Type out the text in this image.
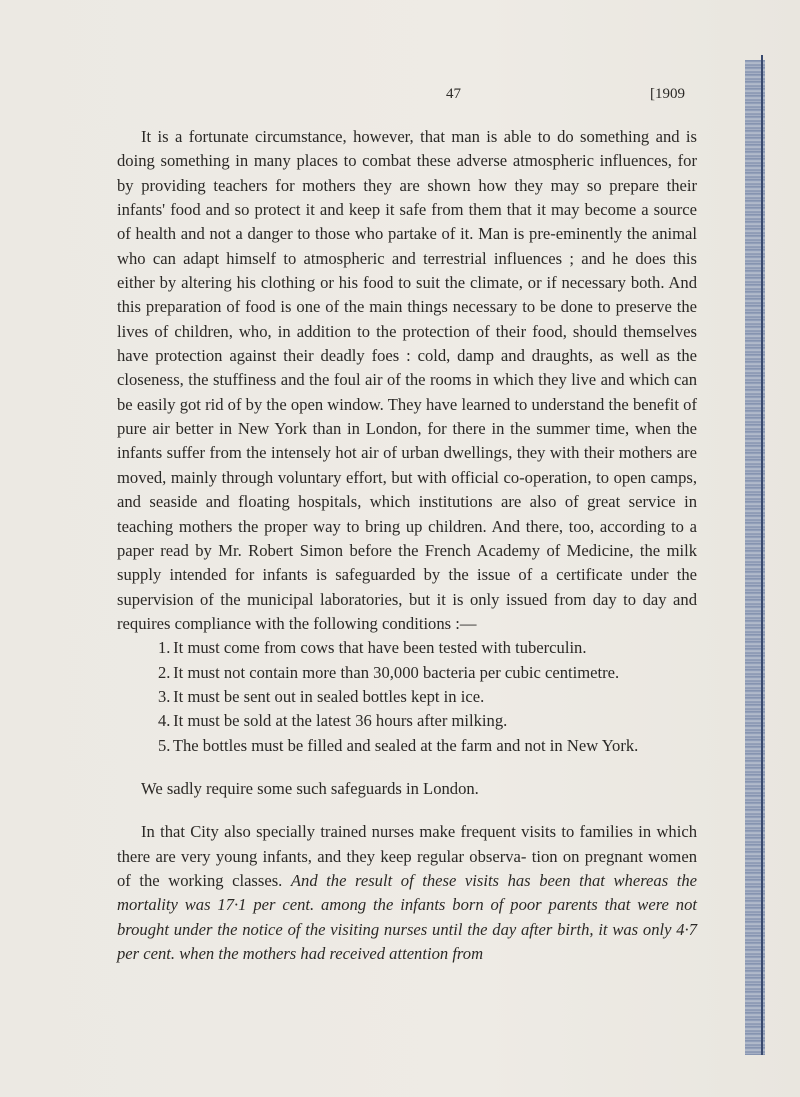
47	[1909

It is a fortunate circumstance, however, that man is able to do something and is doing something in many places to combat these adverse atmospheric influences, for by providing teachers for mothers they are shown how they may so prepare their infants' food and so protect it and keep it safe from them that it may become a source of health and not a danger to those who partake of it. Man is pre-eminently the animal who can adapt himself to atmospheric and terrestrial influences ; and he does this either by altering his clothing or his food to suit the climate, or if necessary both. And this preparation of food is one of the main things necessary to be done to preserve the lives of children, who, in addition to the protection of their food, should themselves have protection against their deadly foes : cold, damp and draughts, as well as the closeness, the stuffiness and the foul air of the rooms in which they live and which can be easily got rid of by the open window. They have learned to understand the benefit of pure air better in New York than in London, for there in the summer time, when the infants suffer from the intensely hot air of urban dwellings, they with their mothers are moved, mainly through voluntary effort, but with official co-operation, to open camps, and seaside and floating hospitals, which institutions are also of great service in teaching mothers the proper way to bring up children. And there, too, according to a paper read by Mr. Robert Simon before the French Academy of Medicine, the milk supply intended for infants is safeguarded by the issue of a certificate under the supervision of the municipal laboratories, but it is only issued from day to day and requires compliance with the following conditions :—

1. It must come from cows that have been tested with tuberculin.
2. It must not contain more than 30,000 bacteria per cubic centimetre.
3. It must be sent out in sealed bottles kept in ice.
4. It must be sold at the latest 36 hours after milking.
5. The bottles must be filled and sealed at the farm and not in New York.

We sadly require some such safeguards in London.

In that City also specially trained nurses make frequent visits to families in which there are very young infants, and they keep regular observa- tion on pregnant women of the working classes. And the result of these visits has been that whereas the mortality was 17·1 per cent. among the infants born of poor parents that were not brought under the notice of the visiting nurses until the day after birth, it was only 4·7 per cent. when the mothers had received attention from
